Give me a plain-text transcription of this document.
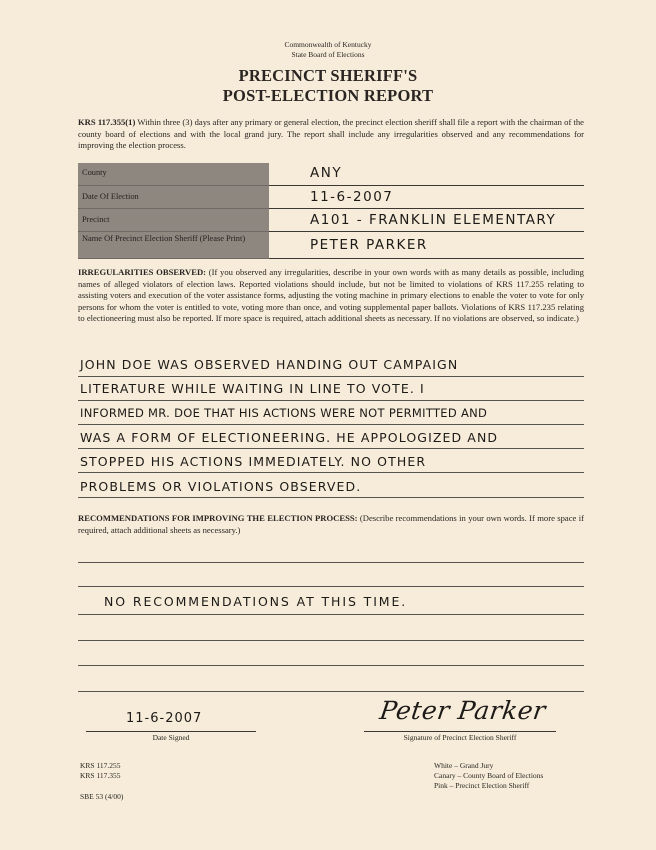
Commonwealth of Kentucky
State Board of Elections
PRECINCT SHERIFF'S
POST-ELECTION REPORT
KRS 117.355(1) Within three (3) days after any primary or general election, the precinct election sheriff shall file a report with the chairman of the county board of elections and with the local grand jury. The report shall include any irregularities observed and any recommendations for improving the election process.
County	ANY
Date Of Election	11-6-2007
Precinct	A101 - FRANKLIN ELEMENTARY
Name Of Precinct Election Sheriff (Please Print)	PETER PARKER
IRREGULARITIES OBSERVED: (If you observed any irregularities, describe in your own words with as many details as possible, including names of alleged violators of election laws. Reported violations should include, but not be limited to violations of KRS 117.255 relating to assisting voters and execution of the voter assistance forms, adjusting the voting machine in primary elections to enable the voter to vote for only persons for whom the voter is entitled to vote, voting more than once, and voting supplemental paper ballots. Violations of KRS 117.235 relating to electioneering must also be reported. If more space is required, attach additional sheets as necessary. If no violations are observed, so indicate.)
JOHN DOE WAS OBSERVED HANDING OUT CAMPAIGN
LITERATURE WHILE WAITING IN LINE TO VOTE. I
INFORMED MR. DOE THAT HIS ACTIONS WERE NOT PERMITTED AND
WAS A FORM OF ELECTIONEERING. HE APPOLOGIZED AND
STOPPED HIS ACTIONS IMMEDIATELY. NO OTHER
PROBLEMS OR VIOLATIONS OBSERVED.
RECOMMENDATIONS FOR IMPROVING THE ELECTION PROCESS: (Describe recommendations in your own words. If more space if required, attach additional sheets as necessary.)
NO RECOMMENDATIONS AT THIS TIME.
11-6-2007
Date Signed
Peter Parker
Signature of Precinct Election Sheriff
KRS 117.255
KRS 117.355
SBE 53 (4/00)
White – Grand Jury
Canary – County Board of Elections
Pink – Precinct Election Sheriff
